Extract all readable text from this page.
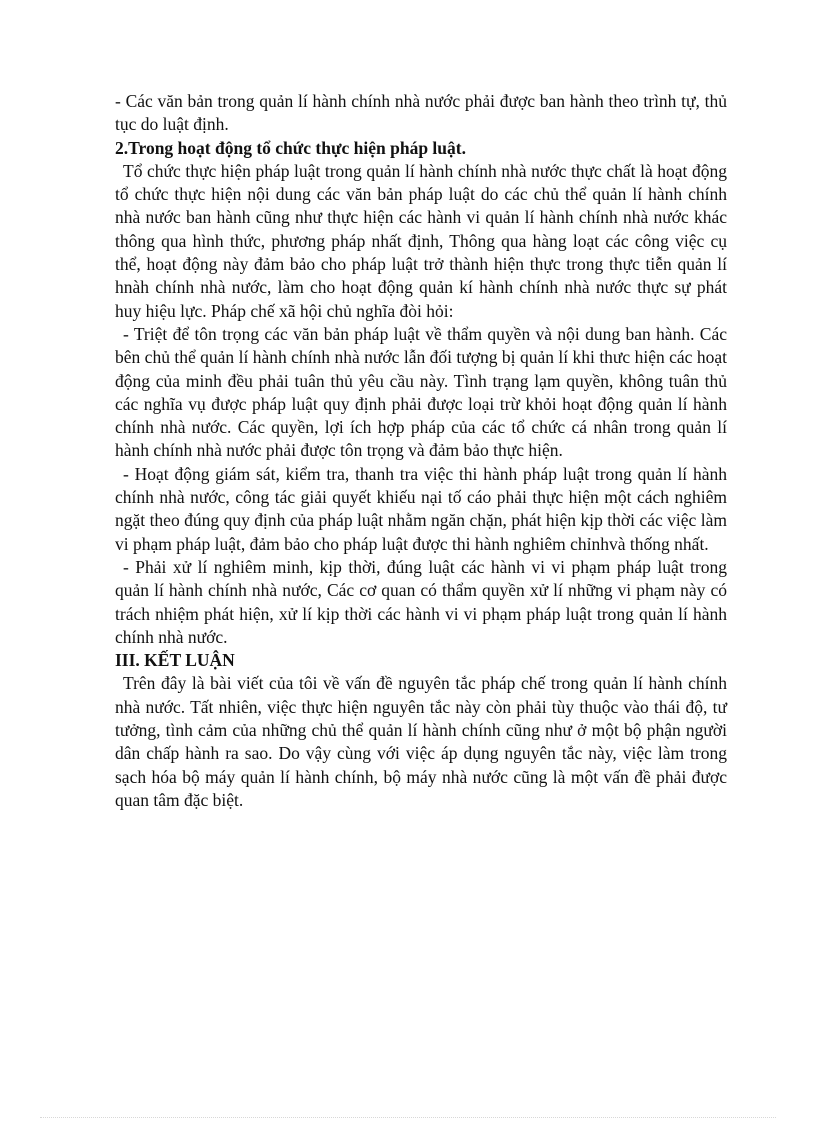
- Các văn bản trong quản lí hành chính nhà nước phải được ban hành theo trình tự, thủ tục do luật định.

2.Trong hoạt động tổ chức thực hiện pháp luật.

Tổ chức thực hiện pháp luật trong quản lí hành chính nhà nước thực chất là hoạt động tổ chức thực hiện nội dung các văn bản pháp luật do các chủ thể quản lí hành chính nhà nước ban hành cũng như thực hiện các hành vi quản lí hành chính nhà nước khác thông qua hình thức, phương pháp nhất định, Thông qua hàng loạt các công việc cụ thể, hoạt động này đảm bảo cho pháp luật trở thành hiện thực trong thực tiễn quản lí hnàh chính nhà nước, làm cho hoạt động quản kí hành chính nhà nước thực sự phát huy hiệu lực. Pháp chế xã hội chủ nghĩa đòi hỏi:

- Triệt để tôn trọng các văn bản pháp luật về thẩm quyền và nội dung ban hành. Các bên chủ thể quản lí hành chính nhà nước lẫn đối tượng bị quản lí khi thưc hiện các hoạt động của minh đều phải tuân thủ yêu cầu này. Tình trạng lạm quyền, không tuân thủ các nghĩa vụ được pháp luật quy định phải được loại trừ khỏi hoạt động quản lí hành chính nhà nước. Các quyền, lợi ích hợp pháp của các tổ chức cá nhân trong quản lí hành chính nhà nước phải được tôn trọng và đảm bảo thực hiện.

- Hoạt động giám sát, kiểm tra, thanh tra việc thi hành pháp luật trong quản lí hành chính nhà nước, công tác giải quyết khiếu nại tố cáo phải thực hiện một cách nghiêm ngặt theo đúng quy định của pháp luật nhằm ngăn chặn, phát hiện kịp thời các việc làm vi phạm pháp luật, đảm bảo cho pháp luật được thi hành nghiêm chỉnhvà thống nhất.

- Phải xử lí nghiêm minh, kịp thời, đúng luật các hành vi vi phạm pháp luật trong quản lí hành chính nhà nước, Các cơ quan có thẩm quyền xử lí những vi phạm này có trách nhiệm phát hiện, xử lí kịp thời các hành vi vi phạm pháp luật trong quản lí hành chính nhà nước.

III. KẾT LUẬN

Trên đây là bài viết của tôi về vấn đề nguyên tắc pháp chế trong quản lí hành chính nhà nước. Tất nhiên, việc thực hiện nguyên tắc này còn phải tùy thuộc vào thái độ, tư tưởng, tình cảm của những chủ thể quản lí hành chính cũng như ở một bộ phận người dân chấp hành ra sao. Do vậy cùng với việc áp dụng nguyên tắc này, việc làm trong sạch hóa bộ máy quản lí hành chính, bộ máy nhà nước cũng là một vấn đề phải được quan tâm đặc biệt.
